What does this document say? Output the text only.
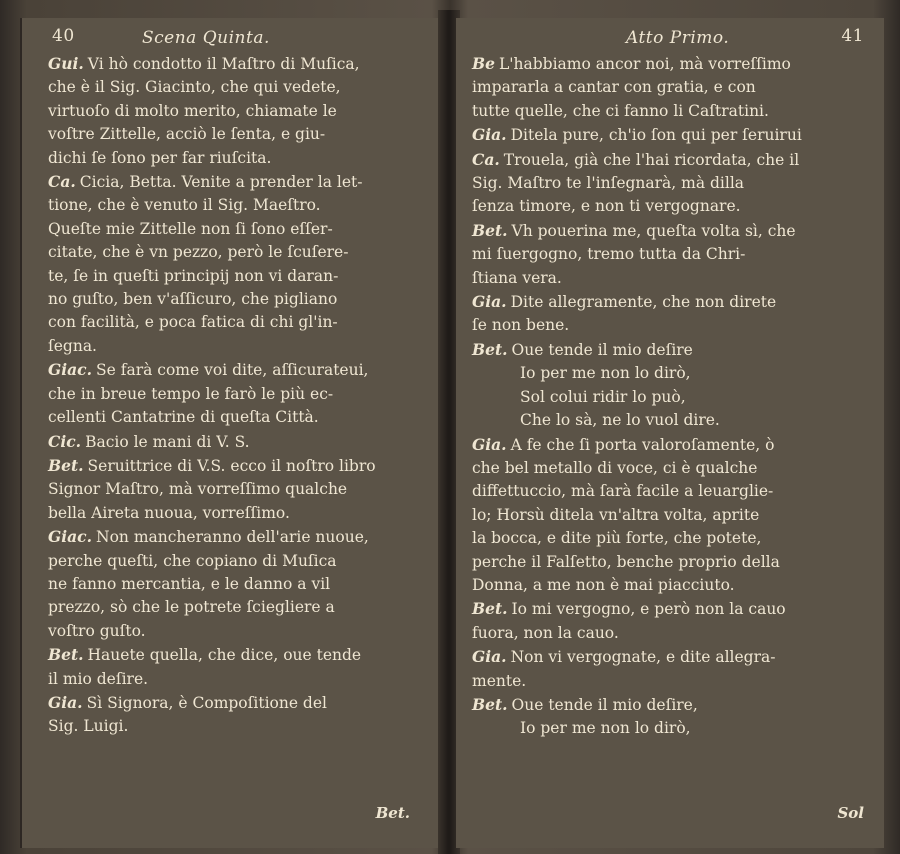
40	Scena Quinta.

Gui. Vi hò condotto il Maſtro di Muſica,
che è il Sig. Giacinto, che qui vedete,
virtuoſo di molto merito, chiamate le
voſtre Zittelle, acciò le ſenta, e giu-
dichi ſe ſono per far riuſcita.

Ca. Cicia, Betta. Venite a prender la let-
tione, che è venuto il Sig. Maeſtro.
Queſte mie Zittelle non ſi ſono eſſer-
citate, che è vn pezzo, però le ſcuſere-
te, ſe in queſti principij non vi daran-
no guſto, ben v'aſſicuro, che pigliano
con facilità, e poca fatica di chi gl'in-
ſegna.

Giac. Se farà come voi dite, aſſicurateui,
che in breue tempo le farò le più ec-
cellenti Cantatrine di queſta Città.

Cic. Bacio le mani di V. S.

Bet. Seruittrice di V.S. ecco il noſtro libro
Signor Maſtro, mà vorreſſimo qualche
bella Aireta nuoua, vorreſſimo.

Giac. Non mancheranno dell'arie nuoue,
perche queſti, che copiano di Muſica
ne fanno mercantia, e le danno a vil
prezzo, sò che le potrete ſciegliere a
voſtro guſto.

Bet. Hauete quella, che dice, oue tende
il mio deſire.

Gia. Sì Signora, è Compoſitione del
Sig. Luigi.

Bet.
Atto Primo.	41

Be L'habbiamo ancor noi, mà vorreſſimo
impararla a cantar con gratia, e con
tutte quelle, che ci fanno li Caſtratini.

Gia. Ditela pure, ch'io ſon qui per ſeruirui

Ca. Trouela, già che l'hai ricordata, che il
Sig. Maſtro te l'inſegnarà, mà dilla
ſenza timore, e non ti vergognare.

Bet. Vh pouerina me, queſta volta sì, che
mi ſuergogno, tremo tutta da Chri-
ſtiana vera.

Gia. Dite allegramente, che non direte
ſe non bene.

Bet. Oue tende il mio deſire
Io per me non lo dirò,
Sol colui ridir lo può,
Che lo sà, ne lo vuol dire.

Gia. A fe che ſi porta valoroſamente, ò
che bel metallo di voce, ci è qualche
diffettuccio, mà ſarà facile a leuarglie-
lo; Horsù ditela vn'altra volta, aprite
la bocca, e dite più forte, che potete,
perche il Falſetto, benche proprio della
Donna, a me non è mai piacciuto.

Bet. Io mi vergogno, e però non la cauo
fuora, non la cauo.

Gia. Non vi vergognate, e dite allegra-
mente.

Bet. Oue tende il mio deſire,
Io per me non lo dirò,

Sol
